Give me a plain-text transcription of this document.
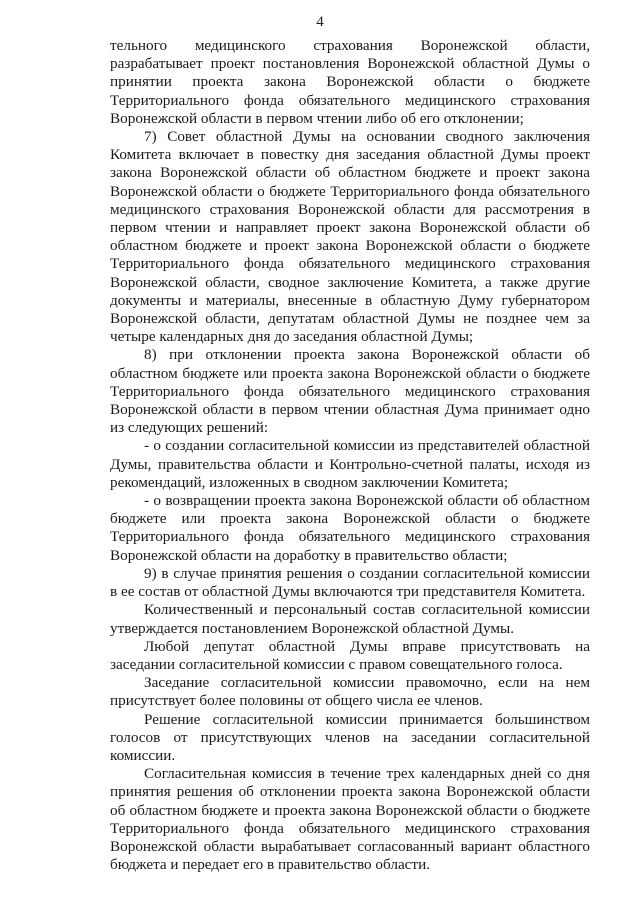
4

тельного медицинского страхования Воронежской области, разрабатывает проект постановления Воронежской областной Думы о принятии проекта закона Воронежской области о бюджете Территориального фонда обязательного медицинского страхования Воронежской области в первом чтении либо об его отклонении;

7) Совет областной Думы на основании сводного заключения Комитета включает в повестку дня заседания областной Думы проект закона Воронежской области об областном бюджете и проект закона Воронежской области о бюджете Территориального фонда обязательного медицинского страхования Воронежской области для рассмотрения в первом чтении и направляет проект закона Воронежской области об областном бюджете и проект закона Воронежской области о бюджете Территориального фонда обязательного медицинского страхования Воронежской области, сводное заключение Комитета, а также другие документы и материалы, внесенные в областную Думу губернатором Воронежской области, депутатам областной Думы не позднее чем за четыре календарных дня до заседания областной Думы;

8) при отклонении проекта закона Воронежской области об областном бюджете или проекта закона Воронежской области о бюджете Территориального фонда обязательного медицинского страхования Воронежской области в первом чтении областная Дума принимает одно из следующих решений:

- о создании согласительной комиссии из представителей областной Думы, правительства области и Контрольно-счетной палаты, исходя из рекомендаций, изложенных в сводном заключении Комитета;

- о возвращении проекта закона Воронежской области об областном бюджете или проекта закона Воронежской области о бюджете Территориального фонда обязательного медицинского страхования Воронежской области на доработку в правительство области;

9) в случае принятия решения о создании согласительной комиссии в ее состав от областной Думы включаются три представителя Комитета.

Количественный и персональный состав согласительной комиссии утверждается постановлением Воронежской областной Думы.

Любой депутат областной Думы вправе присутствовать на заседании согласительной комиссии с правом совещательного голоса.

Заседание согласительной комиссии правомочно, если на нем присутствует более половины от общего числа ее членов.

Решение согласительной комиссии принимается большинством голосов от присутствующих членов на заседании согласительной комиссии.

Согласительная комиссия в течение трех календарных дней со дня принятия решения об отклонении проекта закона Воронежской области об областном бюджете и проекта закона Воронежской области о бюджете Территориального фонда обязательного медицинского страхования Воронежской области вырабатывает согласованный вариант областного бюджета и передает его в правительство области.
